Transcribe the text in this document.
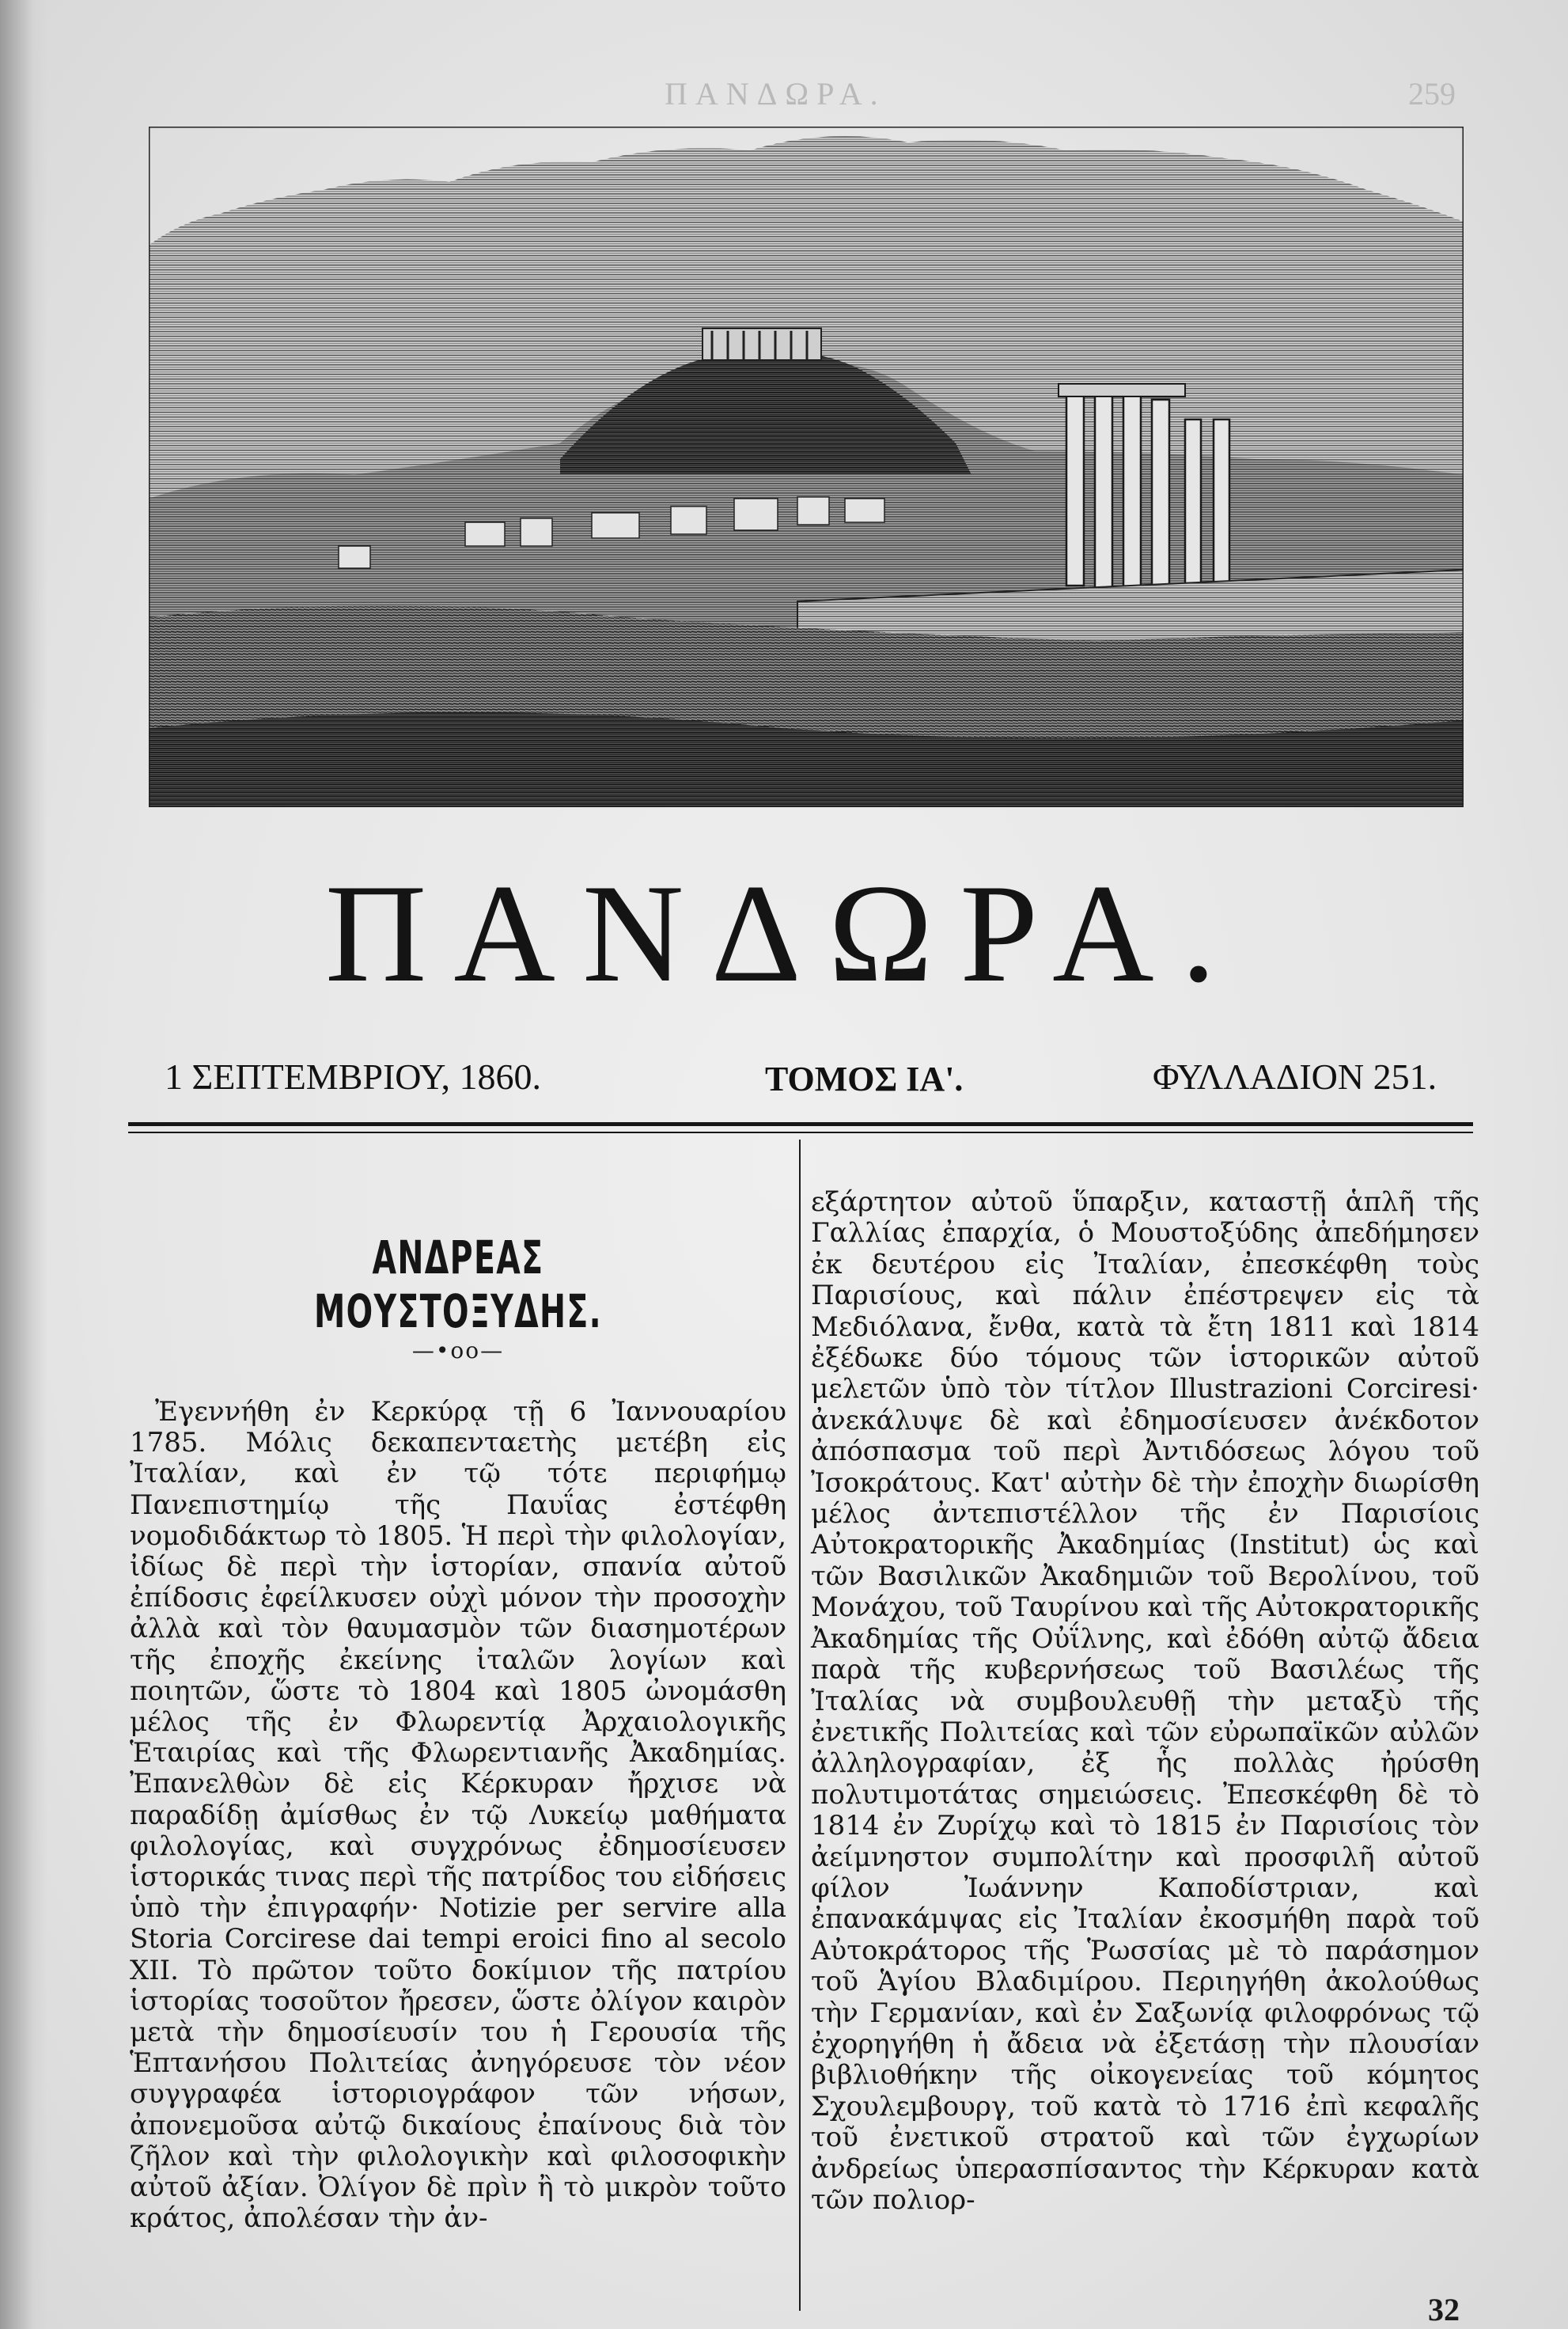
ΠΑΝΔΩΡΑ.	259
ΠΑΝΔΩΡΑ.
1 ΣΕΠΤΕΜΒΡΙΟΥ, 1860.	ΤΟΜΟΣ ΙΑ'.	ΦΥΛΛΑΔΙΟΝ 251.
ΑΝΔΡΕΑΣ ΜΟΥΣΤΟΞΥΔΗΣ.
—•oo—

Ἐγεννήθη ἐν Κερκύρᾳ τῇ 6 Ἰαννουαρίου 1785. Μόλις δεκαπενταετὴς μετέβη εἰς Ἰταλίαν, καὶ ἐν τῷ τότε περιφήμῳ Πανεπιστημίῳ τῆς Παυΐας ἐστέφθη νομοδιδάκτωρ τὸ 1805. Ἡ περὶ τὴν φιλολογίαν, ἰδίως δὲ περὶ τὴν ἱστορίαν, σπανία αὐτοῦ ἐπίδοσις ἐφείλκυσεν οὐχὶ μόνον τὴν προσοχὴν ἀλλὰ καὶ τὸν θαυμασμὸν τῶν διασημοτέρων τῆς ἐποχῆς ἐκείνης ἰταλῶν λογίων καὶ ποιητῶν, ὥστε τὸ 1804 καὶ 1805 ὠνομάσθη μέλος τῆς ἐν Φλωρεντίᾳ Ἀρχαιολογικῆς Ἑταιρίας καὶ τῆς Φλωρεντιανῆς Ἀκαδημίας. Ἐπανελθὼν δὲ εἰς Κέρκυραν ἤρχισε νὰ παραδίδῃ ἀμίσθως ἐν τῷ Λυκείῳ μαθήματα φιλολογίας, καὶ συγχρόνως ἐδημοσίευσεν ἱστορικάς τινας περὶ τῆς πατρίδος του εἰδήσεις ὑπὸ τὴν ἐπιγραφήν· Notizie per servire alla Storia Corcirese dai tempi eroici fino al secolo XII. Τὸ πρῶτον τοῦτο δοκίμιον τῆς πατρίου ἱστορίας τοσοῦτον ἤρεσεν, ὥστε ὀλίγον καιρὸν μετὰ τὴν δημοσίευσίν του ἡ Γερουσία τῆς Ἑπτανήσου Πολιτείας ἀνηγόρευσε τὸν νέον συγγραφέα ἱστοριογράφον τῶν νήσων, ἀπονεμοῦσα αὐτῷ δικαίους ἐπαίνους διὰ τὸν ζῆλον καὶ τὴν φιλολογικὴν καὶ φιλοσοφικὴν αὐτοῦ ἀξίαν. Ὀλίγον δὲ πρὶν ἢ τὸ μικρὸν τοῦτο κράτος, ἀπολέσαν τὴν ἀν-

εξάρτητον αὐτοῦ ὕπαρξιν, καταστῇ ἁπλῆ τῆς Γαλλίας ἐπαρχία, ὁ Μουστοξύδης ἀπεδήμησεν ἐκ δευτέρου εἰς Ἰταλίαν, ἐπεσκέφθη τοὺς Παρισίους, καὶ πάλιν ἐπέστρεψεν εἰς τὰ Μεδιόλανα, ἔνθα, κατὰ τὰ ἔτη 1811 καὶ 1814 ἐξέδωκε δύο τόμους τῶν ἱστορικῶν αὐτοῦ μελετῶν ὑπὸ τὸν τίτλον Illustrazioni Corciresi· ἀνεκάλυψε δὲ καὶ ἐδημοσίευσεν ἀνέκδοτον ἀπόσπασμα τοῦ περὶ Ἀντιδόσεως λόγου τοῦ Ἰσοκράτους. Κατ' αὐτὴν δὲ τὴν ἐποχὴν διωρίσθη μέλος ἀντεπιστέλλον τῆς ἐν Παρισίοις Αὐτοκρατορικῆς Ἀκαδημίας (Institut) ὡς καὶ τῶν Βασιλικῶν Ἀκαδημιῶν τοῦ Βερολίνου, τοῦ Μονάχου, τοῦ Ταυρίνου καὶ τῆς Αὐτοκρατορικῆς Ἀκαδημίας τῆς Οὐΐλνης, καὶ ἐδόθη αὐτῷ ἄδεια παρὰ τῆς κυβερνήσεως τοῦ Βασιλέως τῆς Ἰταλίας νὰ συμβουλευθῇ τὴν μεταξὺ τῆς ἐνετικῆς Πολιτείας καὶ τῶν εὐρωπαϊκῶν αὐλῶν ἀλληλογραφίαν, ἐξ ἧς πολλὰς ἠρύσθη πολυτιμοτάτας σημειώσεις. Ἐπεσκέφθη δὲ τὸ 1814 ἐν Ζυρίχῳ καὶ τὸ 1815 ἐν Παρισίοις τὸν ἀείμνηστον συμπολίτην καὶ προσφιλῆ αὐτοῦ φίλον Ἰωάννην Καποδίστριαν, καὶ ἐπανακάμψας εἰς Ἰταλίαν ἐκοσμήθη παρὰ τοῦ Αὐτοκράτορος τῆς Ῥωσσίας μὲ τὸ παράσημον τοῦ Ἁγίου Βλαδιμίρου. Περιηγήθη ἀκολούθως τὴν Γερμανίαν, καὶ ἐν Σαξωνίᾳ φιλοφρόνως τῷ ἐχορηγήθη ἡ ἄδεια νὰ ἐξετάσῃ τὴν πλουσίαν βιβλιοθήκην τῆς οἰκογενείας τοῦ κόμητος Σχουλεμβουργ, τοῦ κατὰ τὸ 1716 ἐπὶ κεφαλῆς τοῦ ἐνετικοῦ στρατοῦ καὶ τῶν ἐγχωρίων ἀνδρείως ὑπερασπίσαντος τὴν Κέρκυραν κατὰ τῶν πολιορ-

32
